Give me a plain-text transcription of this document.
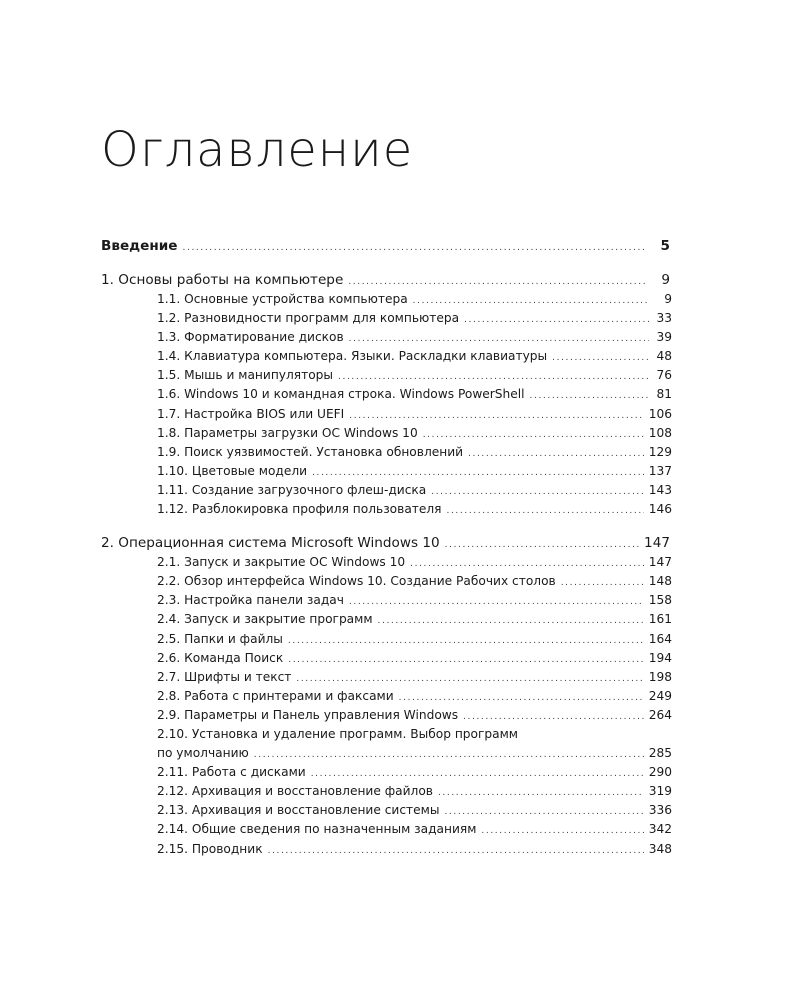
Оглавление
Введение .....	5
1. Основы работы на компьютере .....	9
1.1. Основные устройства компьютера .....	9
1.2. Разновидности программ для компьютера .....	33
1.3. Форматирование дисков .....	39
1.4. Клавиатура компьютера. Языки. Раскладки клавиатуры .....	48
1.5. Мышь и манипуляторы .....	76
1.6. Windows 10 и командная строка. Windows PowerShell .....	81
1.7. Настройка BIOS или UEFI .....	106
1.8. Параметры загрузки ОС Windows 10 .....	108
1.9. Поиск уязвимостей. Установка обновлений .....	129
1.10. Цветовые модели .....	137
1.11. Создание загрузочного флеш-диска .....	143
1.12. Разблокировка профиля пользователя .....	146
2. Операционная система Microsoft Windows 10 .....	147
2.1. Запуск и закрытие ОС Windows 10 .....	147
2.2. Обзор интерфейса Windows 10. Создание Рабочих столов .....	148
2.3. Настройка панели задач .....	158
2.4. Запуск и закрытие программ .....	161
2.5. Папки и файлы .....	164
2.6. Команда Поиск .....	194
2.7. Шрифты и текст .....	198
2.8. Работа с принтерами и факсами .....	249
2.9. Параметры и Панель управления Windows .....	264
2.10. Установка и удаление программ. Выбор программ
по умолчанию .....	285
2.11. Работа с дисками .....	290
2.12. Архивация и восстановление файлов .....	319
2.13. Архивация и восстановление системы .....	336
2.14. Общие сведения по назначенным заданиям .....	342
2.15. Проводник .....	348
